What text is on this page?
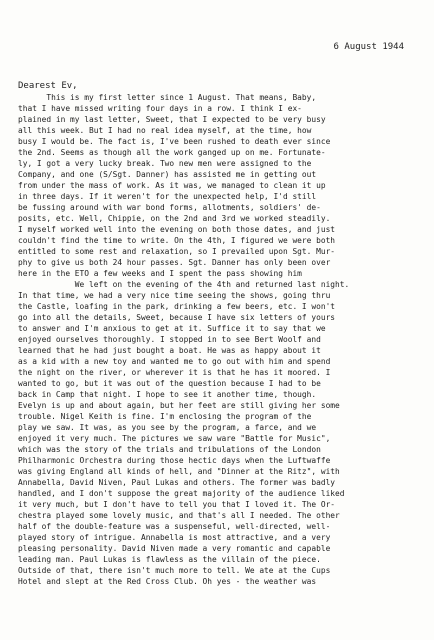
6 August 1944

Dearest Ev,

This is my first letter since 1 August. That means, Baby,
that I have missed writing four days in a row. I think I ex-
plained in my last letter, Sweet, that I expected to be very busy
all this week. But I had no real idea myself, at the time, how
busy I would be. The fact is, I've been rushed to death ever since
the 2nd. Seems as though all the work ganged up on me. Fortunate-
ly, I got a very lucky break. Two new men were assigned to the
Company, and one (S/Sgt. Danner) has assisted me in getting out
from under the mass of work. As it was, we managed to clean it up
in three days. If it weren't for the unexpected help, I'd still
be fussing around with war bond forms, allotments, soldiers' de-
posits, etc. Well, Chippie, on the 2nd and 3rd we worked steadily.
I myself worked well into the evening on both those dates, and just
couldn't find the time to write. On the 4th, I figured we were both
entitled to some rest and relaxation, so I prevailed upon Sgt. Mur-
phy to give us both 24 hour passes. Sgt. Danner has only been over
here in the ETO a few weeks and I spent the pass showing him
We left on the evening of the 4th and returned last night.
In that time, we had a very nice time seeing the shows, going thru
the Castle, loafing in the park, drinking a few beers, etc. I won't
go into all the details, Sweet, because I have six letters of yours
to answer and I'm anxious to get at it. Suffice it to say that we
enjoyed ourselves thoroughly. I stopped in to see Bert Woolf and
learned that he had just bought a boat. He was as happy about it
as a kid with a new toy and wanted me to go out with him and spend
the night on the river, or wherever it is that he has it moored. I
wanted to go, but it was out of the question because I had to be
back in Camp that night. I hope to see it another time, though.
Evelyn is up and about again, but her feet are still giving her some
trouble. Nigel Keith is fine. I'm enclosing the program of the
play we saw. It was, as you see by the program, a farce, and we
enjoyed it very much. The pictures we saw ware "Battle for Music",
which was the story of the trials and tribulations of the London
Philharmonic Orchestra during those hectic days when the Luftwaffe
was giving England all kinds of hell, and "Dinner at the Ritz", with
Annabella, David Niven, Paul Lukas and others. The former was badly
handled, and I don't suppose the great majority of the audience liked
it very much, but I don't have to tell you that I loved it. The Or-
chestra played some lovely music, and that's all I needed. The other
half of the double-feature was a suspenseful, well-directed, well-
played story of intrigue. Annabella is most attractive, and a very
pleasing personality. David Niven made a very romantic and capable
leading man. Paul Lukas is flawless as the villain of the piece.
Outside of that, there isn't much more to tell. We ate at the Cups
Hotel and slept at the Red Cross Club. Oh yes - the weather was
